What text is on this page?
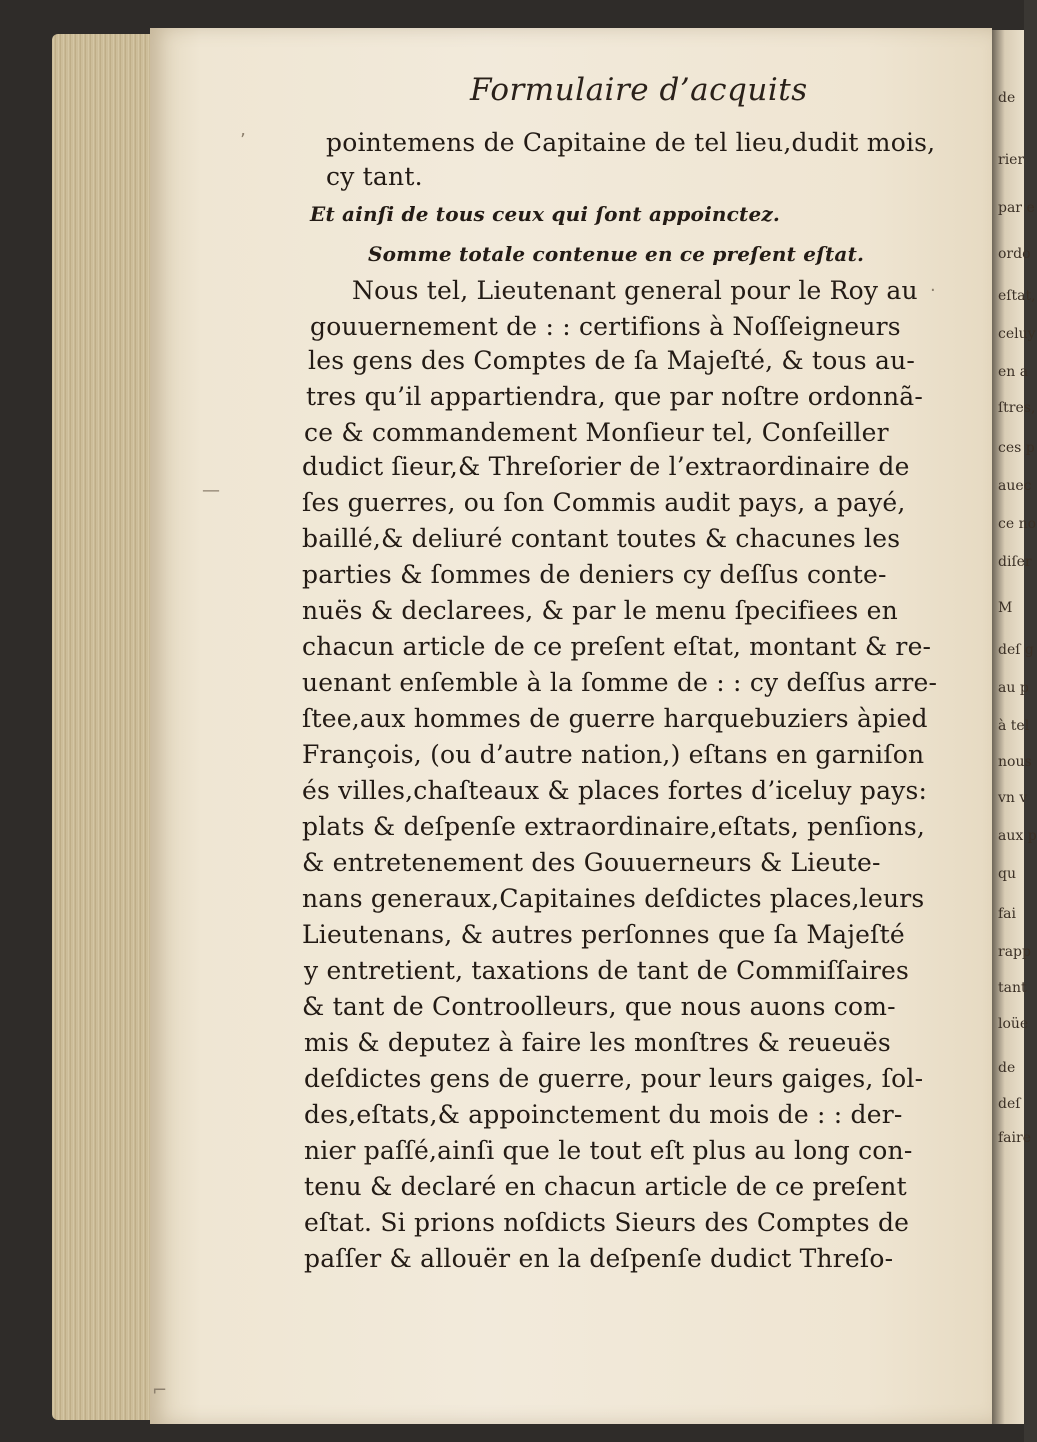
de
rier
par e
ordo
eſtat,
celuy
en a
ſtres,
ces p
auec
ce no
diſer
M
deſ g
au p
à tel
nous
vn v
aux p
qu
fai
rapp
tant
loüe
de
deſ
faire
Formulaire d’acquits
pointemens de Capitaine de tel lieu,dudit mois,
cy tant.
Et ainſi de tous ceux qui ſont appoinctez.
Somme totale contenue en ce preſent eſtat.
Nous tel, Lieutenant general pour le Roy au
gouuernement de : : certifions à Noſſeigneurs
les gens des Comptes de ſa Majeſté, & tous au-
tres qu’il appartiendra, que par noſtre ordonnã-
ce & commandement Monſieur tel, Conſeiller
dudict ſieur,& Threſorier de l’extraordinaire de
ſes guerres, ou ſon Commis audit pays, a payé,
baillé,& deliuré contant toutes & chacunes les
parties & ſommes de deniers cy deſſus conte-
nuës & declarees, & par le menu ſpecifiees en
chacun article de ce preſent eſtat, montant & re-
uenant enſemble à la ſomme de : : cy deſſus arre-
ſtee,aux hommes de guerre harquebuziers àpied
François, (ou d’autre nation,) eſtans en garniſon
és villes,chaſteaux & places fortes d’iceluy pays:
plats & deſpenſe extraordinaire,eſtats, penſions,
& entretenement des Gouuerneurs & Lieute-
nans generaux,Capitaines deſdictes places,leurs
Lieutenans, & autres perſonnes que ſa Majeſté
y entretient, taxations de tant de Commiſſaires
& tant de Controolleurs, que nous auons com-
mis & deputez à faire les monſtres & reueuës
deſdictes gens de guerre, pour leurs gaiges, ſol-
des,eſtats,& appoinctement du mois de : : der-
nier paſſé,ainſi que le tout eſt plus au long con-
tenu & declaré en chacun article de ce preſent
eſtat. Si prions noſdicts Sieurs des Comptes de
paſſer & allouër en la deſpenſe dudict Threſo-
’
—
·
⌐
